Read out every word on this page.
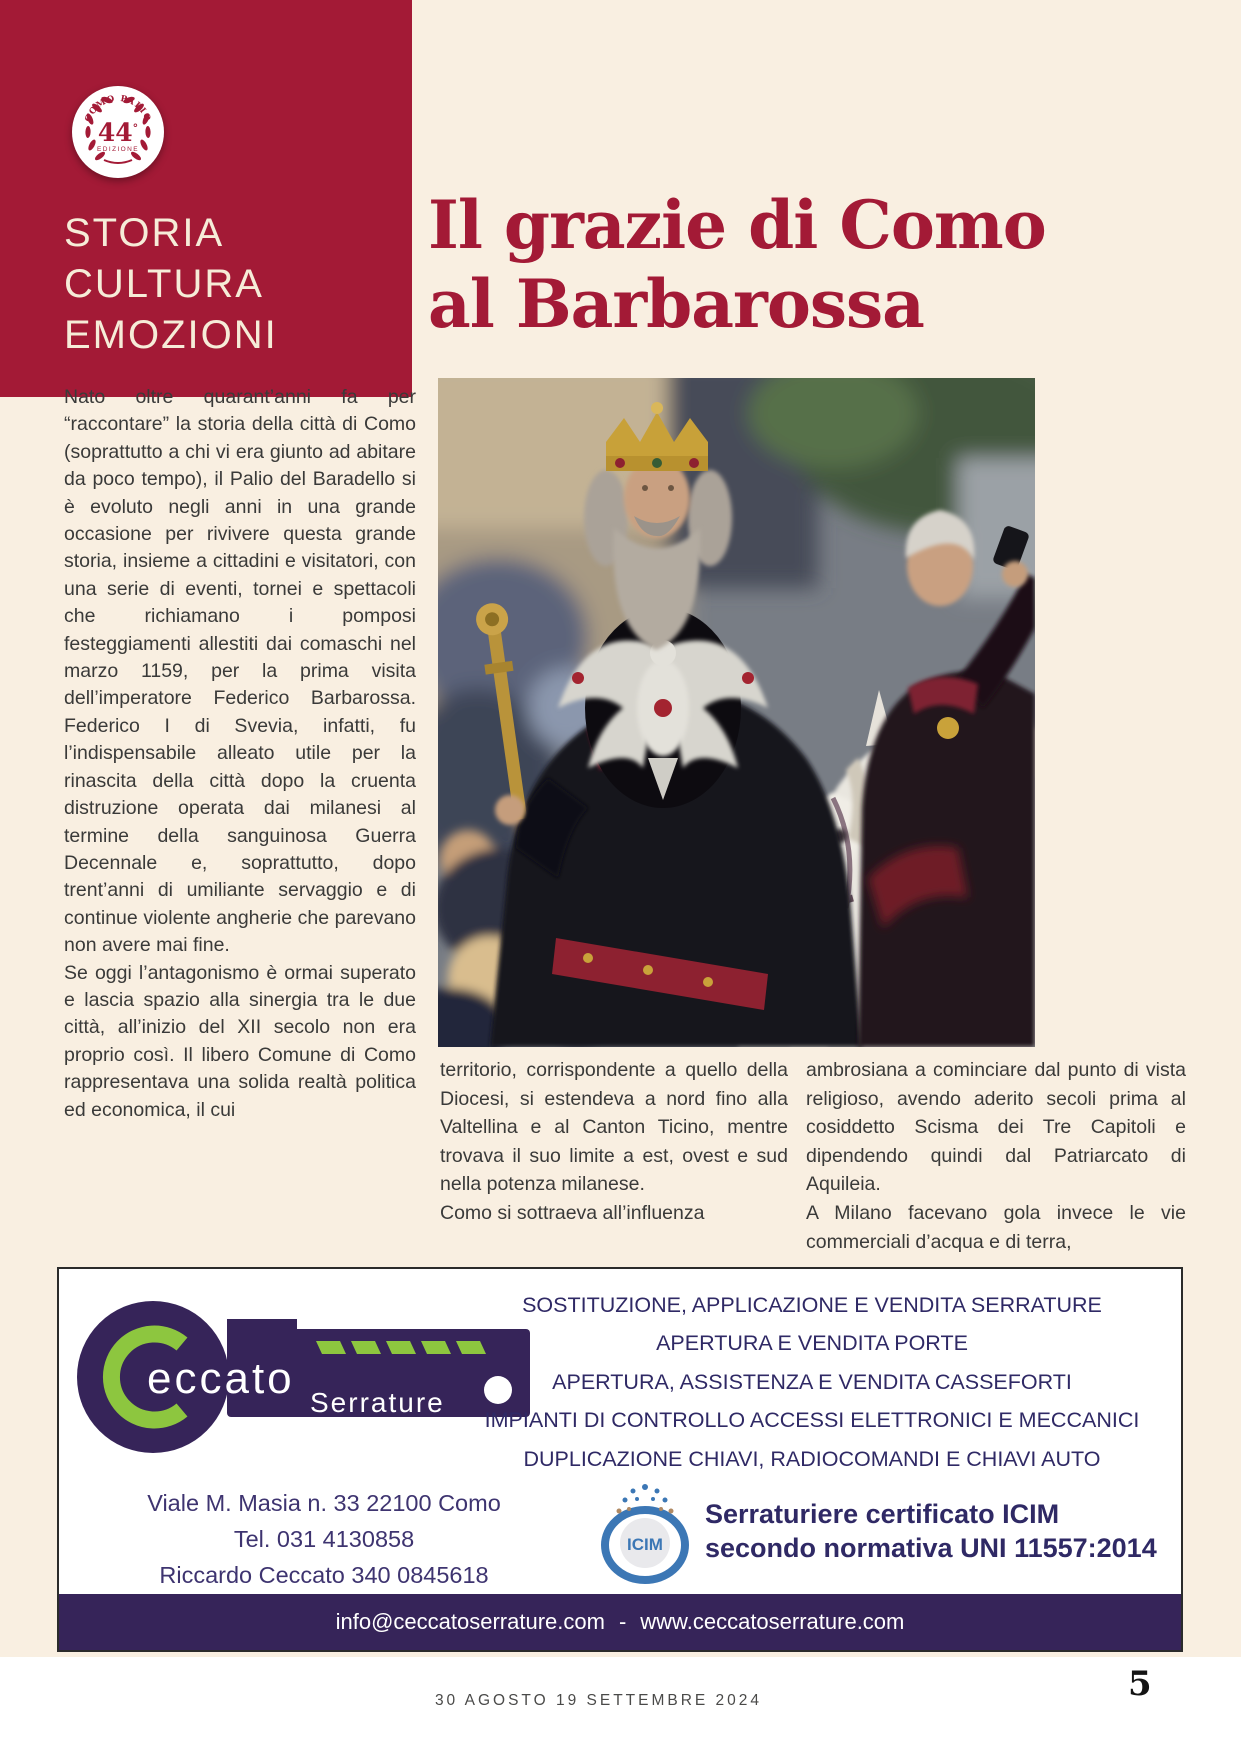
COMO PALIO
44°
EDIZIONE
STORIA
CULTURA
EMOZIONI
Il grazie di Como
al Barbarossa

Nato oltre quarant’anni fa per “raccontare” la storia della città di Como (soprattutto a chi vi era giunto ad abitare da poco tempo), il Palio del Baradello si è evoluto negli anni in una grande occasione per rivivere questa grande storia, insieme a cittadini e visitatori, con una serie di eventi, tornei e spettacoli che richiamano i pomposi festeggiamenti allestiti dai comaschi nel marzo 1159, per la prima visita dell’imperatore Federico Barbarossa. Federico I di Svevia, infatti, fu l’indispensabile alleato utile per la rinascita della città dopo la cruenta distruzione operata dai milanesi al termine della sanguinosa Guerra Decennale e, soprattutto, dopo trent’anni di umiliante servaggio e di continue violente angherie che parevano non avere mai fine.

Se oggi l’antagonismo è ormai superato e lascia spazio alla sinergia tra le due città, all’inizio del XII secolo non era proprio così. Il libero Comune di Como rappresentava una solida realtà politica ed economica, il cui

territorio, corrispondente a quello della Diocesi, si estendeva a nord fino alla Valtellina e al Canton Ticino, mentre trovava il suo limite a est, ovest e sud nella potenza milanese.

Como si sottraeva all’influenza

ambrosiana a cominciare dal punto di vista religioso, avendo aderito secoli prima al cosiddetto Scisma dei Tre Capitoli e dipendendo quindi dal Patriarcato di Aquileia.

A Milano facevano gola invece le vie commerciali d’acqua e di terra,

eccato Serrature
SOSTITUZIONE, APPLICAZIONE E VENDITA SERRATURE
APERTURA E VENDITA PORTE
APERTURA, ASSISTENZA E VENDITA CASSEFORTI
IMPIANTI DI CONTROLLO ACCESSI ELETTRONICI E MECCANICI
DUPLICAZIONE CHIAVI, RADIOCOMANDI E CHIAVI AUTO
Viale M. Masia n. 33 22100 Como
Tel. 031 4130858
Riccardo Ceccato 340 0845618
ICIM
Serraturiere certificato ICIM
secondo normativa UNI 11557:2014
info@ceccatoserrature.com - www.ceccatoserrature.com
30 AGOSTO 19 SETTEMBRE 2024	5
